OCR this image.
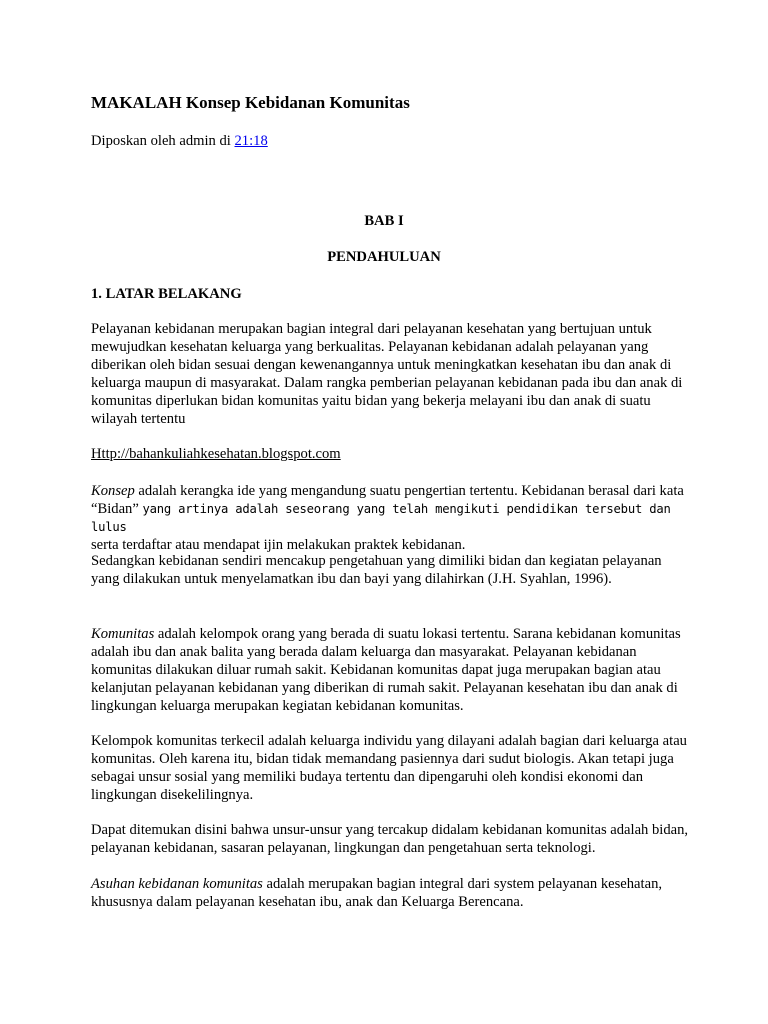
MAKALAH Konsep Kebidanan Komunitas

Diposkan oleh admin di 21:18

BAB I

PENDAHULUAN

1. LATAR BELAKANG

Pelayanan kebidanan merupakan bagian integral dari pelayanan kesehatan yang bertujuan untuk mewujudkan kesehatan keluarga yang berkualitas. Pelayanan kebidanan adalah pelayanan yang diberikan oleh bidan sesuai dengan kewenangannya untuk meningkatkan kesehatan ibu dan anak di keluarga maupun di masyarakat. Dalam rangka pemberian pelayanan kebidanan pada ibu dan anak di komunitas diperlukan bidan komunitas yaitu bidan yang bekerja melayani ibu dan anak di suatu wilayah tertentu

Http://bahankuliahkesehatan.blogspot.com

Konsep adalah kerangka ide yang mengandung suatu pengertian tertentu. Kebidanan berasal dari kata “Bidan” yang artinya adalah seseorang yang telah mengikuti pendidikan tersebut dan lulus
serta terdaftar atau mendapat ijin melakukan praktek kebidanan.

Sedangkan kebidanan sendiri mencakup pengetahuan yang dimiliki bidan dan kegiatan pelayanan yang dilakukan untuk menyelamatkan ibu dan bayi yang dilahirkan (J.H. Syahlan, 1996).

Komunitas adalah kelompok orang yang berada di suatu lokasi tertentu. Sarana kebidanan komunitas adalah ibu dan anak balita yang berada dalam keluarga dan masyarakat. Pelayanan kebidanan komunitas dilakukan diluar rumah sakit. Kebidanan komunitas dapat juga merupakan bagian atau kelanjutan pelayanan kebidanan yang diberikan di rumah sakit. Pelayanan kesehatan ibu dan anak di lingkungan keluarga merupakan kegiatan kebidanan komunitas.

Kelompok komunitas terkecil adalah keluarga individu yang dilayani adalah bagian dari keluarga atau komunitas. Oleh karena itu, bidan tidak memandang pasiennya dari sudut biologis. Akan tetapi juga sebagai unsur sosial yang memiliki budaya tertentu dan dipengaruhi oleh kondisi ekonomi dan lingkungan disekelilingnya.

Dapat ditemukan disini bahwa unsur-unsur yang tercakup didalam kebidanan komunitas adalah bidan, pelayanan kebidanan, sasaran pelayanan, lingkungan dan pengetahuan serta teknologi.

Asuhan kebidanan komunitas adalah merupakan bagian integral dari system pelayanan kesehatan, khususnya dalam pelayanan kesehatan ibu, anak dan Keluarga Berencana.
